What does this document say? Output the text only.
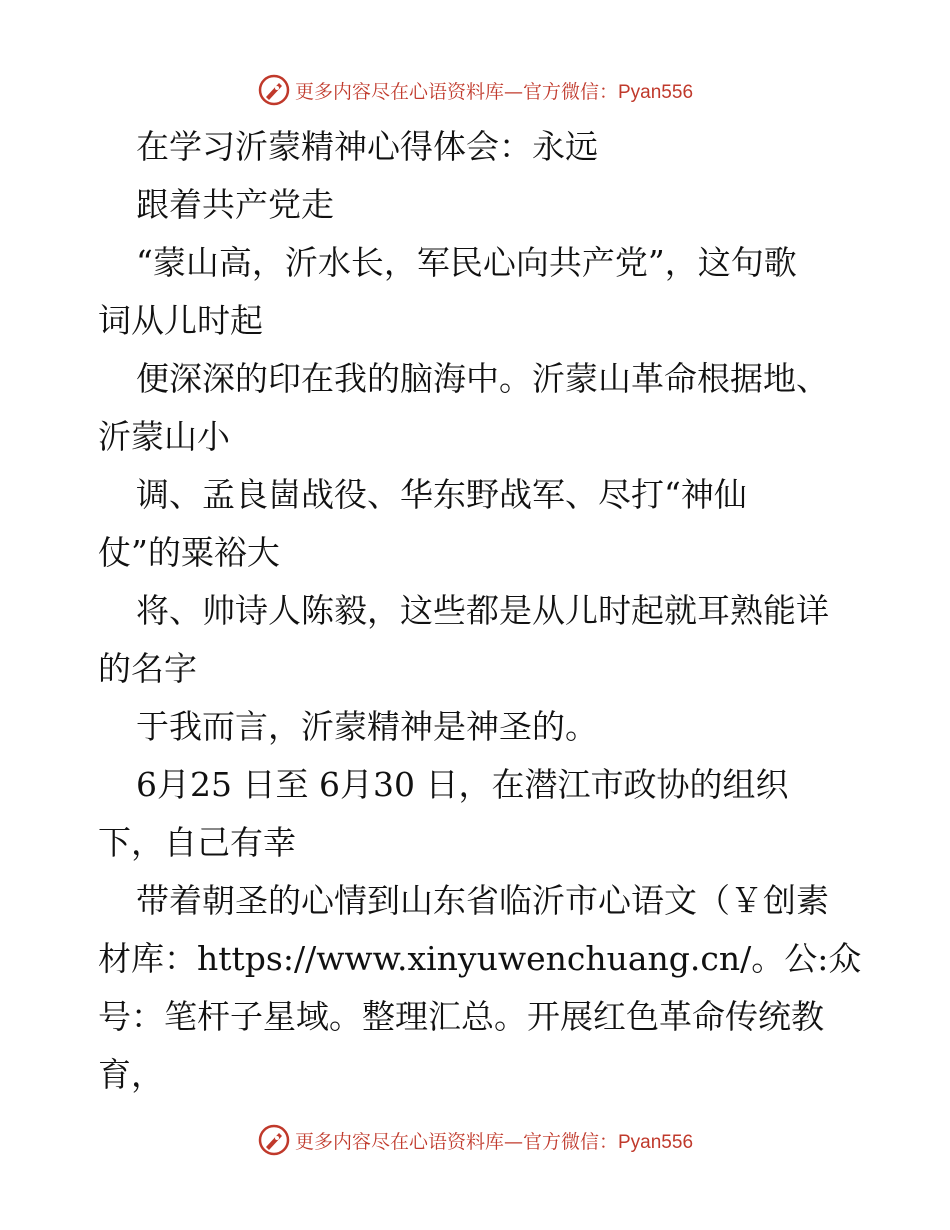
更多内容尽在心语资料库—官方微信：Pyan556
在学习沂蒙精神心得体会：永远
跟着共产党走
“蒙山高，沂水长，军民心向共产党”，这句歌
词从儿时起
便深深的印在我的脑海中。沂蒙山革命根据地、
沂蒙山小
调、孟良崮战役、华东野战军、尽打“神仙
仗”的粟裕大
将、帅诗人陈毅，这些都是从儿时起就耳熟能详
的名字
于我而言，沂蒙精神是神圣的。
6月25 日至 6月30 日，在潜江市政协的组织
下，自己有幸
带着朝圣的心情到山东省临沂市心语文（￥创素
材库：https://www.xinyuwenchuang.cn/。公:众
号：笔杆子星域。整理汇总。开展红色革命传统教
育，
更多内容尽在心语资料库—官方微信：Pyan556
